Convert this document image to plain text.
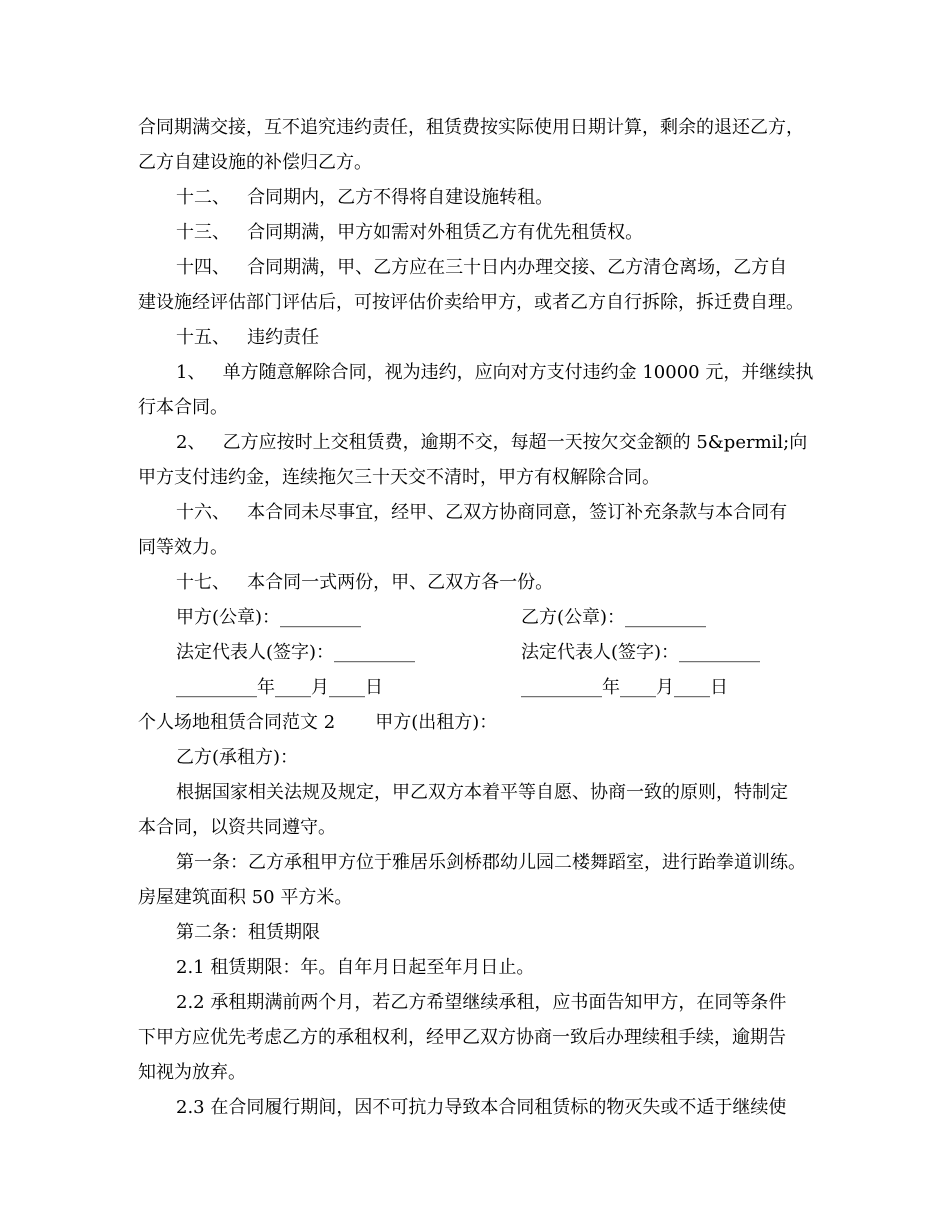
合同期满交接，互不追究违约责任，租赁费按实际使用日期计算，剩余的退还乙方，
乙方自建设施的补偿归乙方。
十二、   合同期内，乙方不得将自建设施转租。
十三、   合同期满，甲方如需对外租赁乙方有优先租赁权。
十四、   合同期满，甲、乙方应在三十日内办理交接、乙方清仓离场，乙方自
建设施经评估部门评估后，可按评估价卖给甲方，或者乙方自行拆除，拆迁费自理。
十五、   违约责任
1、   单方随意解除合同，视为违约，应向对方支付违约金 10000 元，并继续执
行本合同。
2、   乙方应按时上交租赁费，逾期不交，每超一天按欠交金额的 5&permil;向
甲方支付违约金，连续拖欠三十天交不清时，甲方有权解除合同。
十六、   本合同未尽事宜，经甲、乙双方协商同意，签订补充条款与本合同有
同等效力。
十七、   本合同一式两份，甲、乙双方各一份。
甲方(公章)：_________	乙方(公章)：_________
法定代表人(签字)：_________	法定代表人(签字)：_________
_________年____月____日	_________年____月____日
个人场地租赁合同范文 2       甲方(出租方)：
乙方(承租方)：
根据国家相关法规及规定，甲乙双方本着平等自愿、协商一致的原则，特制定
本合同，以资共同遵守。
第一条：乙方承租甲方位于雅居乐剑桥郡幼儿园二楼舞蹈室，进行跆拳道训练。
房屋建筑面积 50 平方米。
第二条：租赁期限
2.1 租赁期限：年。自年月日起至年月日止。
2.2 承租期满前两个月，若乙方希望继续承租，应书面告知甲方，在同等条件
下甲方应优先考虑乙方的承租权利，经甲乙双方协商一致后办理续租手续，逾期告
知视为放弃。
2.3 在合同履行期间，因不可抗力导致本合同租赁标的物灭失或不适于继续使
